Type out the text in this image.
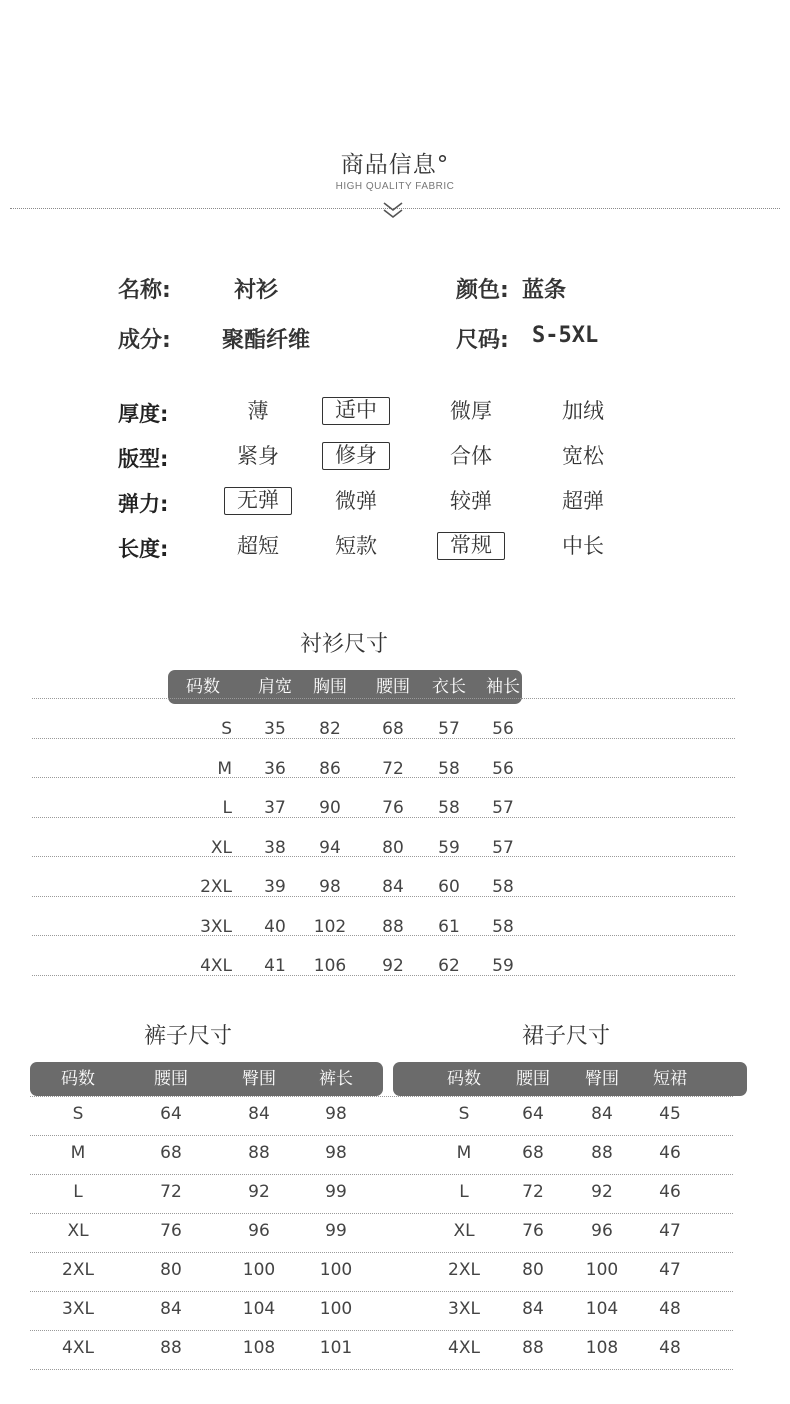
商品信息°
HIGH QUALITY FABRIC
名称:	衬衫	颜色: 蓝条
成分: 聚酯纤维	尺码: S-5XL
厚度:	薄	适中	微厚	加绒
版型:	紧身	修身	合体	宽松
弹力:	无弹	微弹	较弹	超弹
长度:	超短	短款	常规	中长
衬衫尺寸
码数	肩宽	胸围	腰围	衣长	袖长
S	35	82	68	57	56
M	36	86	72	58	56
L	37	90	76	58	57
XL	38	94	80	59	57
2XL	39	98	84	60	58
3XL	40	102	88	61	58
4XL	41	106	92	62	59
裤子尺寸
码数	腰围	臀围	裤长
S	64	84	98
M	68	88	98
L	72	92	99
XL	76	96	99
2XL	80	100	100
3XL	84	104	100
4XL	88	108	101
裙子尺寸
码数	腰围	臀围	短裙
S	64	84	45
M	68	88	46
L	72	92	46
XL	76	96	47
2XL	80	100	47
3XL	84	104	48
4XL	88	108	48
